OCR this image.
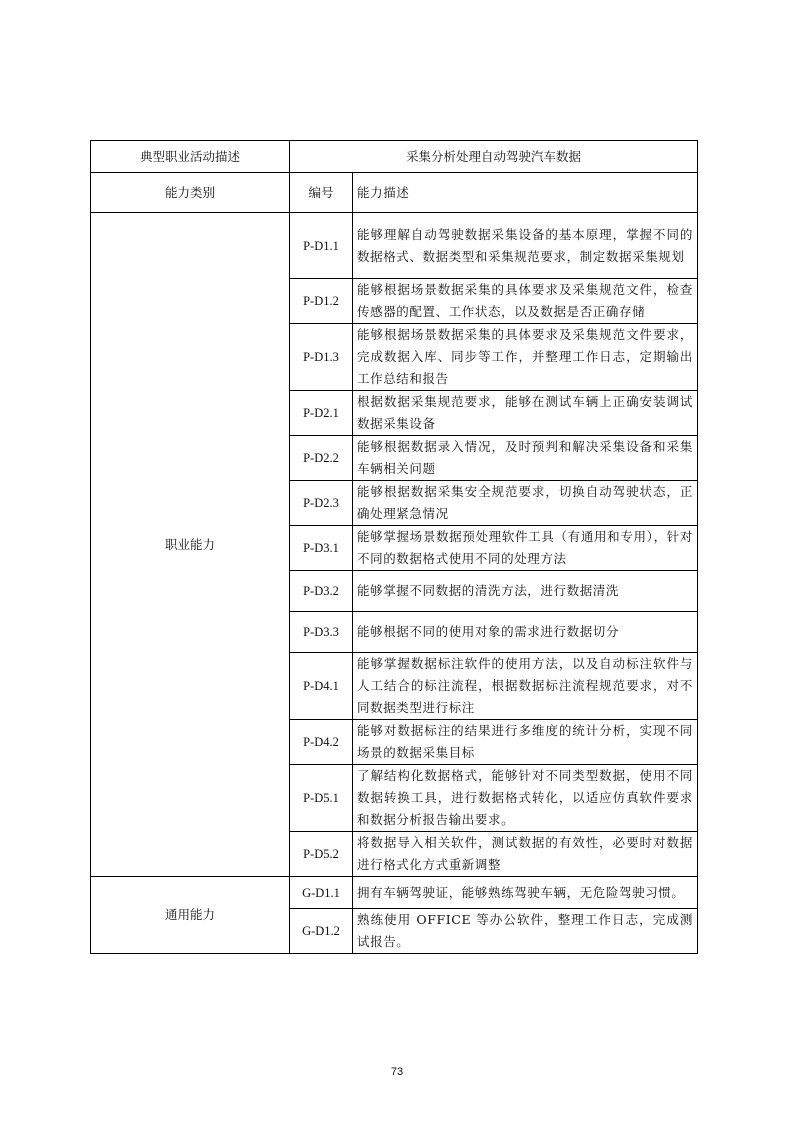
典型职业活动描述	采集分析处理自动驾驶汽车数据	
能力类别	编号	能力描述
职业能力	P-D1.1	能够理解自动驾驶数据采集设备的基本原理，掌握不同的数据格式、数据类型和采集规范要求，制定数据采集规划
	P-D1.2	能够根据场景数据采集的具体要求及采集规范文件，检查传感器的配置、工作状态，以及数据是否正确存储
	P-D1.3	能够根据场景数据采集的具体要求及采集规范文件要求，完成数据入库、同步等工作，并整理工作日志，定期输出工作总结和报告
	P-D2.1	根据数据采集规范要求，能够在测试车辆上正确安装调试数据采集设备
	P-D2.2	能够根据数据录入情况，及时预判和解决采集设备和采集车辆相关问题
	P-D2.3	能够根据数据采集安全规范要求，切换自动驾驶状态，正确处理紧急情况
	P-D3.1	能够掌握场景数据预处理软件工具（有通用和专用），针对不同的数据格式使用不同的处理方法
	P-D3.2	能够掌握不同数据的清洗方法，进行数据清洗
	P-D3.3	能够根据不同的使用对象的需求进行数据切分
	P-D4.1	能够掌握数据标注软件的使用方法，以及自动标注软件与人工结合的标注流程，根据数据标注流程规范要求，对不同数据类型进行标注
	P-D4.2	能够对数据标注的结果进行多维度的统计分析，实现不同场景的数据采集目标
	P-D5.1	了解结构化数据格式，能够针对不同类型数据，使用不同数据转换工具，进行数据格式转化，以适应仿真软件要求和数据分析报告输出要求。
	P-D5.2	将数据导入相关软件，测试数据的有效性，必要时对数据进行格式化方式重新调整
通用能力	G-D1.1	拥有车辆驾驶证，能够熟练驾驶车辆，无危险驾驶习惯。
	G-D1.2	熟练使用 OFFICE 等办公软件，整理工作日志，完成测试报告。
73
